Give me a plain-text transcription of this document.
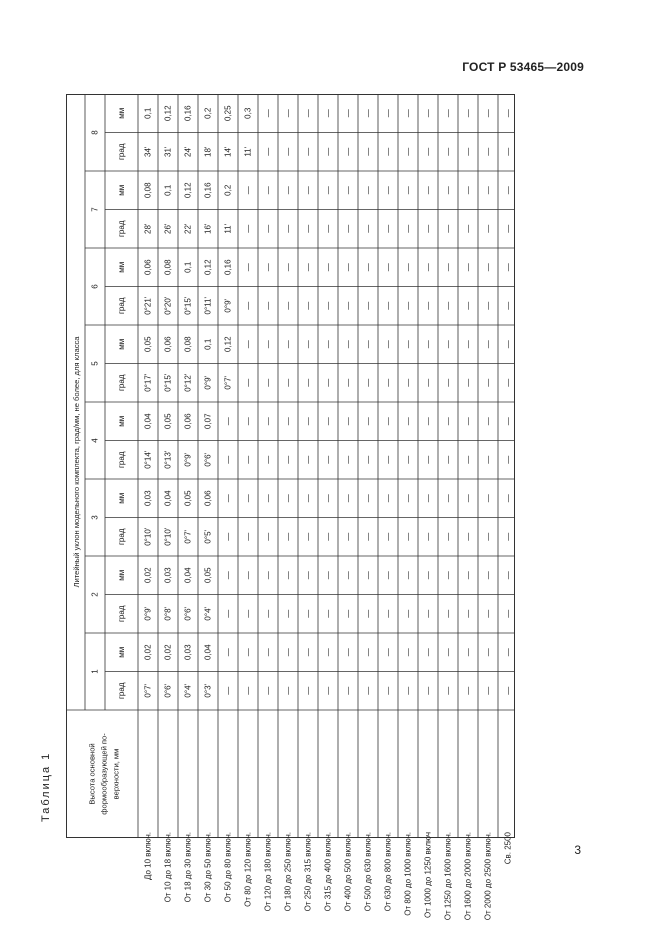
ГОСТ Р 53465—2009
Таблица 1
Литейный уклон модельного комплекта, град/мм, не более, для класса
1
град
мм
2
град
мм
3
град
мм
4
град
мм
5
град
мм
6
град
мм
7
град
мм
8
град
мм
Высота основной формообразующей по- верхности, мм
До 10 включ.
0°7'
0,02
0°9'
0,02
0°10'
0,03
0°14'
0,04
0°17'
0,05
0°21'
0,06
28'
0,08
34'
0,1
От 10 до 18 включ.
0°6'
0,02
0°8'
0,03
0°10'
0,04
0°13'
0,05
0°15'
0,06
0°20'
0,08
26'
0,1
31'
0,12
От 18 до 30 включ.
0°4'
0,03
0°6'
0,04
0°7'
0,05
0°9'
0,06
0°12'
0,08
0°15'
0,1
22'
0,12
24'
0,16
От 30 до 50 включ.
0°3'
0,04
0°4'
0,05
0°5'
0,06
0°6'
0,07
0°9'
0,1
0°11'
0,12
16'
0,16
18'
0,2
От 50 до 80 включ.
—
—
—
—
—
—
—
—
0°7'
0,12
0°9'
0,16
11'
0,2
14'
0,25
От 80 до 120 включ.
—
—
—
—
—
—
—
—
—
—
—
—
—
—
11'
0,3
От 120 до 180 включ.
—
—
—
—
—
—
—
—
—
—
—
—
—
—
—
—
От 180 до 250 включ.
—
—
—
—
—
—
—
—
—
—
—
—
—
—
—
—
От 250 до 315 включ.
—
—
—
—
—
—
—
—
—
—
—
—
—
—
—
—
От 315 до 400 включ.
—
—
—
—
—
—
—
—
—
—
—
—
—
—
—
—
От 400 до 500 включ.
—
—
—
—
—
—
—
—
—
—
—
—
—
—
—
—
От 500 до 630 включ.
—
—
—
—
—
—
—
—
—
—
—
—
—
—
—
—
От 630 до 800 включ.
—
—
—
—
—
—
—
—
—
—
—
—
—
—
—
—
От 800 до 1000 включ.
—
—
—
—
—
—
—
—
—
—
—
—
—
—
—
—
От 1000 до 1250 включ
—
—
—
—
—
—
—
—
—
—
—
—
—
—
—
—
От 1250 до 1600 включ.
—
—
—
—
—
—
—
—
—
—
—
—
—
—
—
—
От 1600 до 2000 включ.
—
—
—
—
—
—
—
—
—
—
—
—
—
—
—
—
От 2000 до 2500 включ.
—
—
—
—
—
—
—
—
—
—
—
—
—
—
—
—
Св. 2500
—
—
—
—
—
—
—
—
—
—
—
—
—
—
—
—
3
